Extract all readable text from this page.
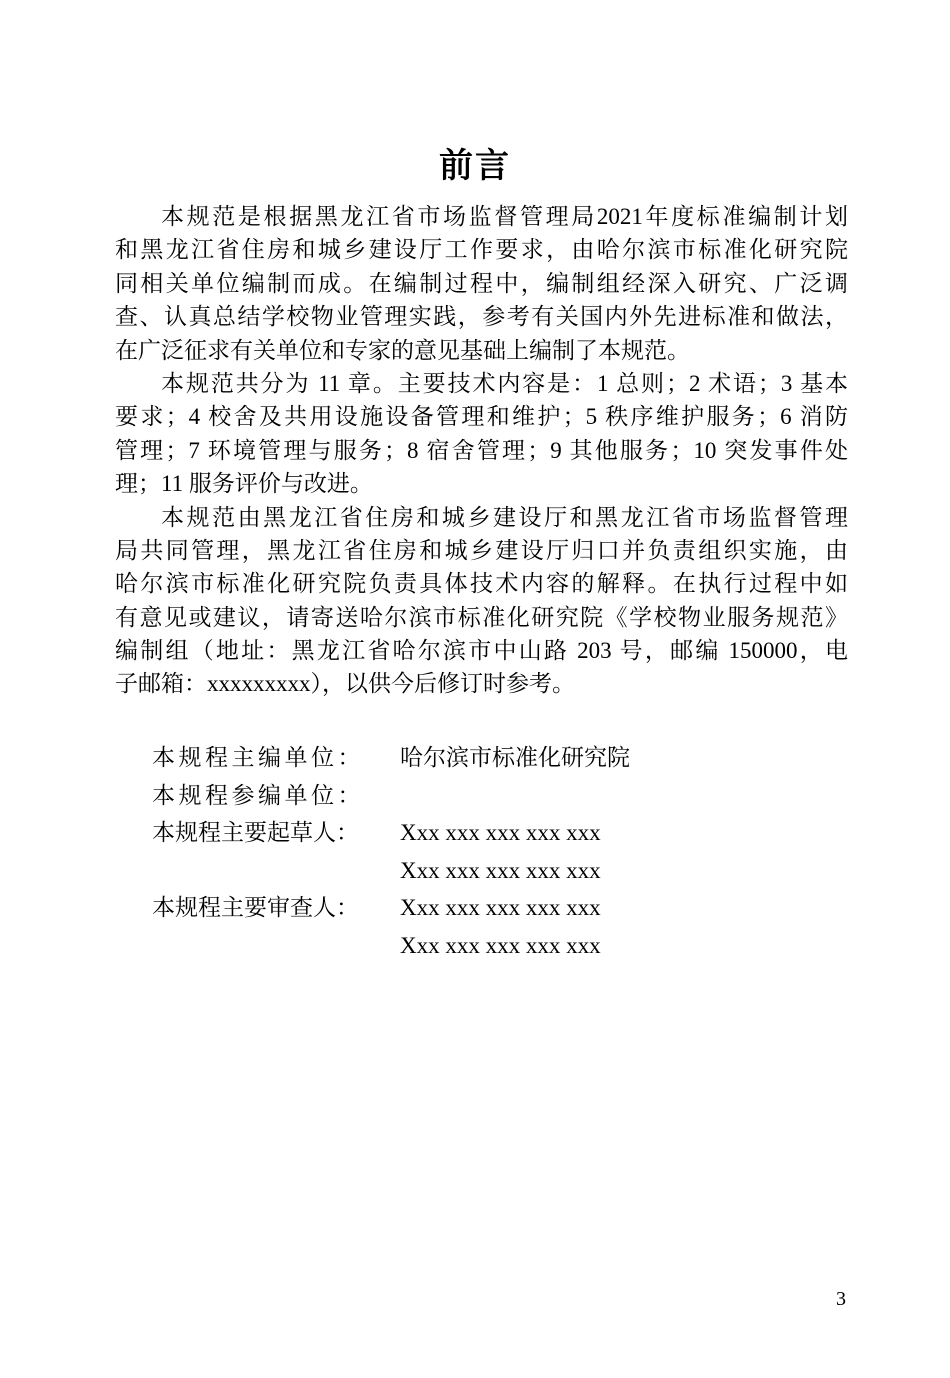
前言
本规范是根据黑龙江省市场监督管理局2021年度标准编制计划
和黑龙江省住房和城乡建设厅工作要求，由哈尔滨市标准化研究院
同相关单位编制而成。在编制过程中，编制组经深入研究、广泛调
查、认真总结学校物业管理实践，参考有关国内外先进标准和做法，
在广泛征求有关单位和专家的意见基础上编制了本规范。
本规范共分为 11 章。主要技术内容是：1 总则；2 术语；3 基本
要求；4 校舍及共用设施设备管理和维护；5 秩序维护服务；6 消防
管理；7 环境管理与服务；8 宿舍管理；9 其他服务；10 突发事件处
理；11 服务评价与改进。
本规范由黑龙江省住房和城乡建设厅和黑龙江省市场监督管理
局共同管理，黑龙江省住房和城乡建设厅归口并负责组织实施，由
哈尔滨市标准化研究院负责具体技术内容的解释。在执行过程中如
有意见或建议，请寄送哈尔滨市标准化研究院《学校物业服务规范》
编制组（地址：黑龙江省哈尔滨市中山路 203 号，邮编 150000，电
子邮箱：xxxxxxxxx），以供今后修订时参考。
本规程主编单位： 哈尔滨市标准化研究院
本规程参编单位：
本规程主要起草人： Xxx xxx xxx xxx xxx
Xxx xxx xxx xxx xxx
本规程主要审查人： Xxx xxx xxx xxx xxx
Xxx xxx xxx xxx xxx
3
